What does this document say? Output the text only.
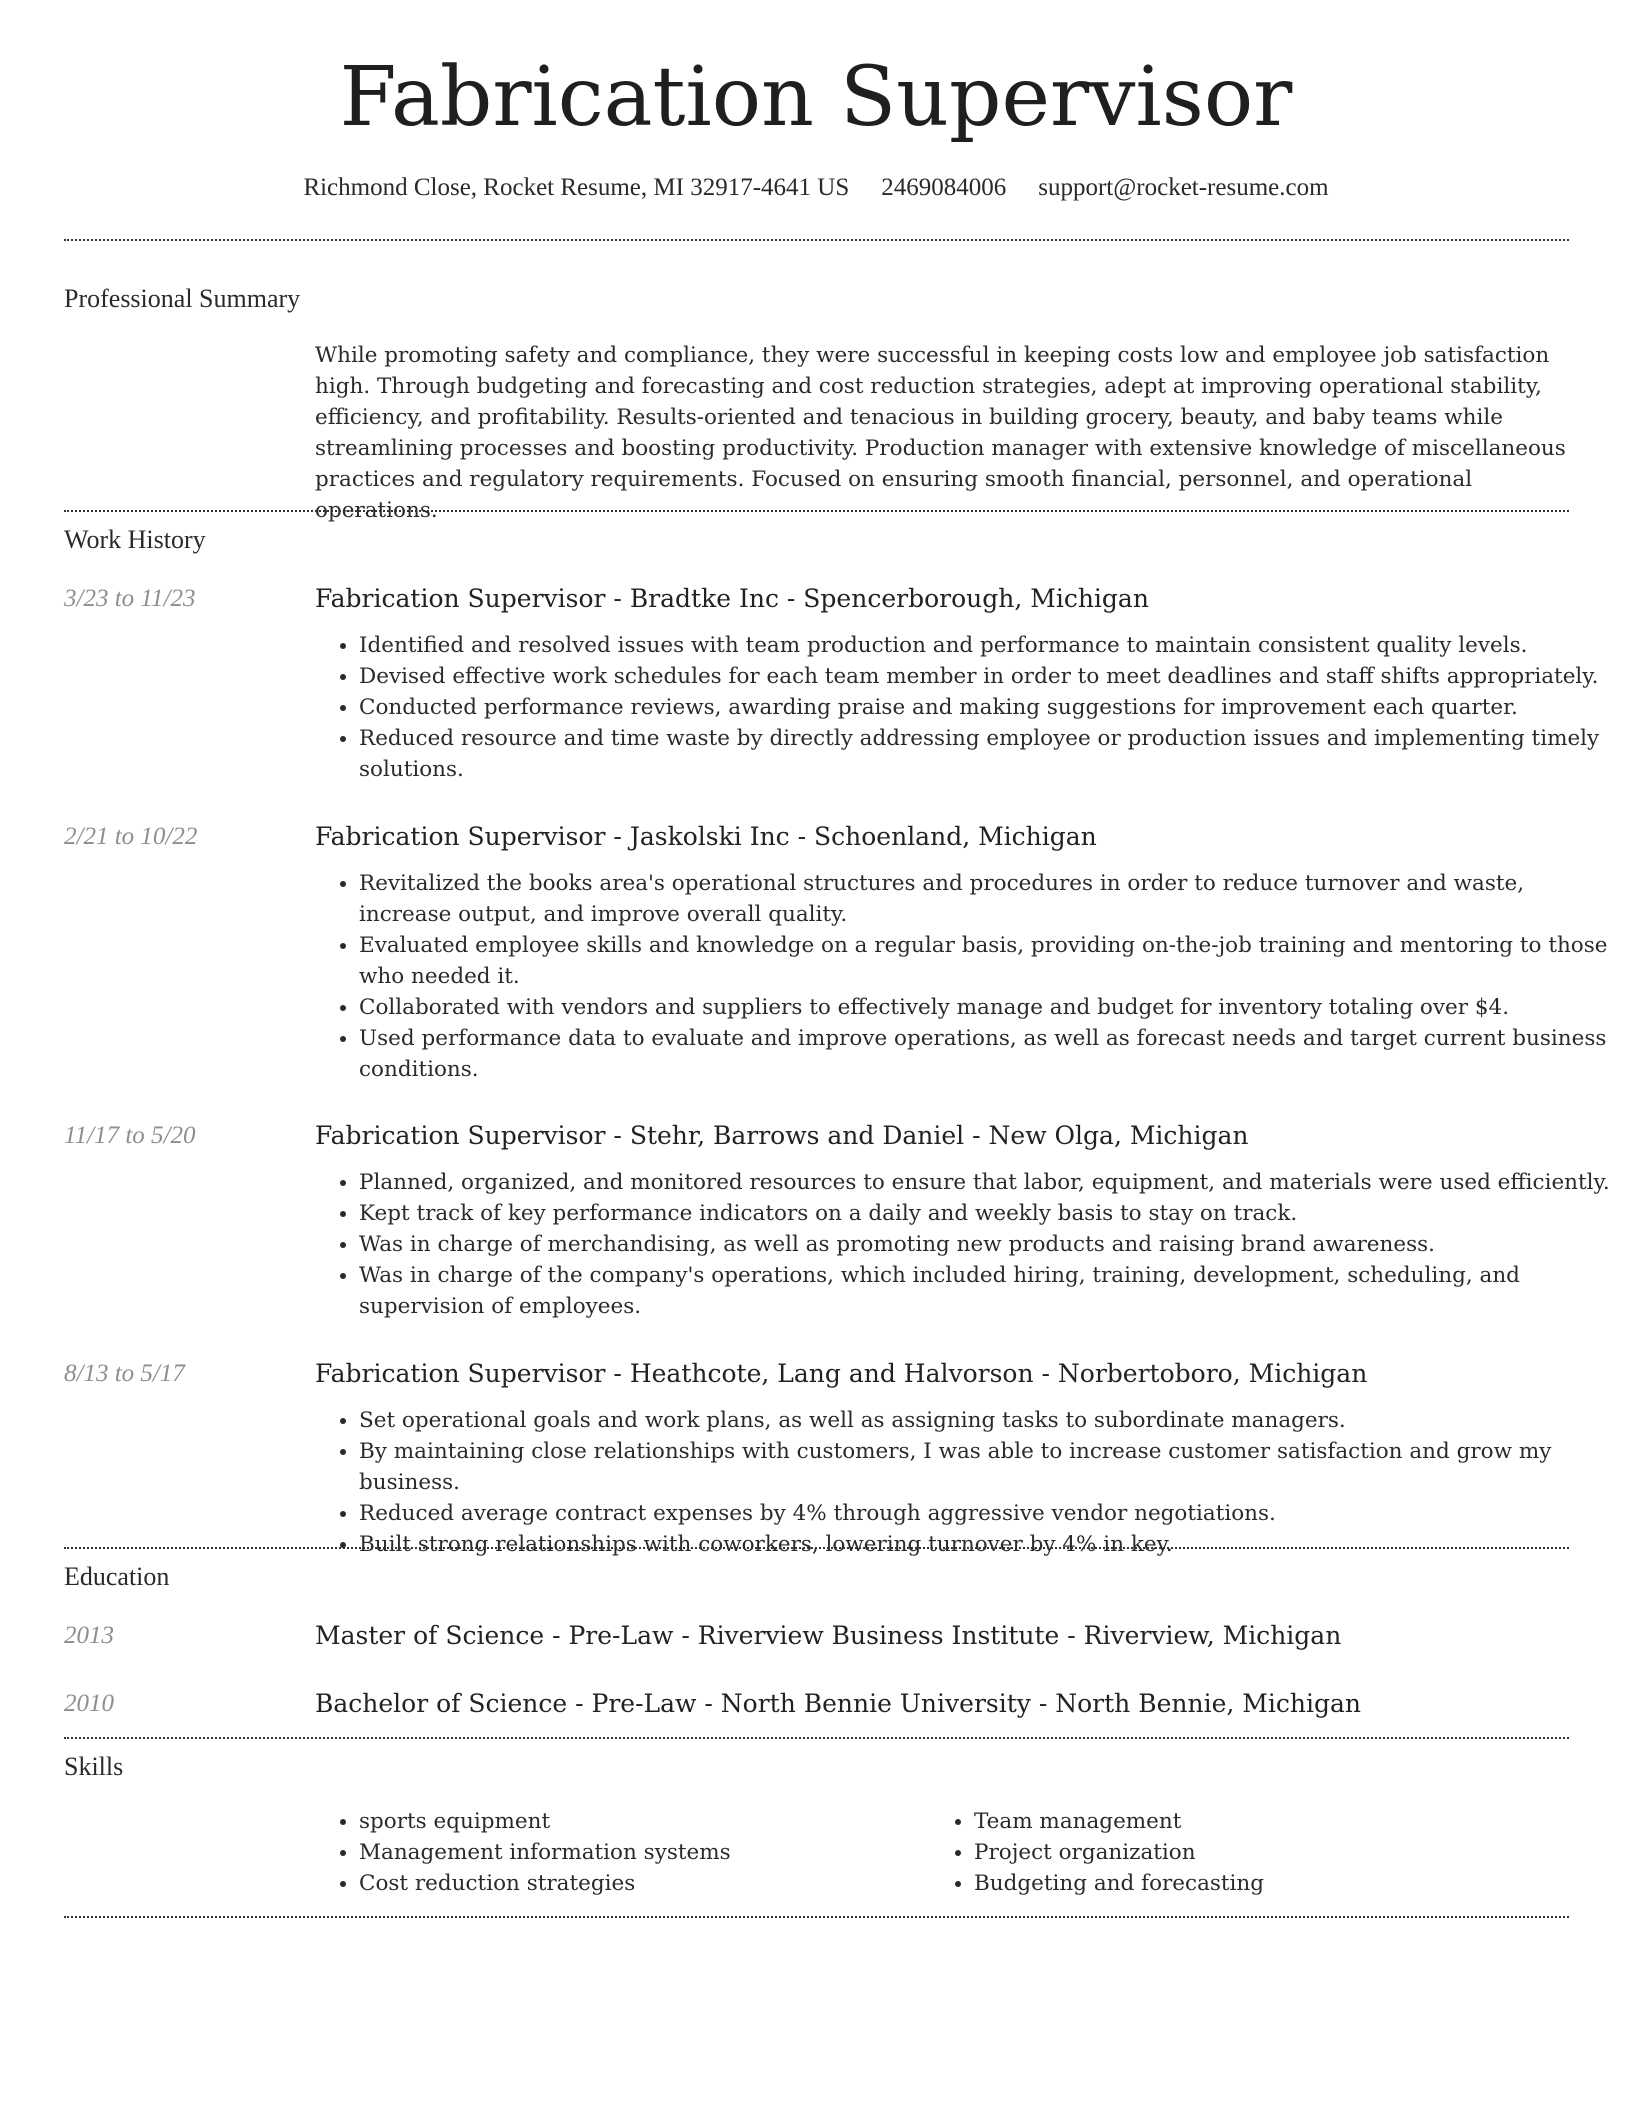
Fabrication Supervisor
Richmond Close, Rocket Resume, MI 32917-4641 US 2469084006 support@rocket-resume.com
Professional Summary
While promoting safety and compliance, they were successful in keeping costs low and employee job satisfaction high. Through budgeting and forecasting and cost reduction strategies, adept at improving operational stability, efficiency, and profitability. Results-oriented and tenacious in building grocery, beauty, and baby teams while streamlining processes and boosting productivity. Production manager with extensive knowledge of miscellaneous practices and regulatory requirements. Focused on ensuring smooth financial, personnel, and operational operations.
Work History
3/23 to 11/23	Fabrication Supervisor - Bradtke Inc - Spencerborough, Michigan
• Identified and resolved issues with team production and performance to maintain consistent quality levels.
• Devised effective work schedules for each team member in order to meet deadlines and staff shifts appropriately.
• Conducted performance reviews, awarding praise and making suggestions for improvement each quarter.
• Reduced resource and time waste by directly addressing employee or production issues and implementing timely solutions.
2/21 to 10/22	Fabrication Supervisor - Jaskolski Inc - Schoenland, Michigan
• Revitalized the books area's operational structures and procedures in order to reduce turnover and waste, increase output, and improve overall quality.
• Evaluated employee skills and knowledge on a regular basis, providing on-the-job training and mentoring to those who needed it.
• Collaborated with vendors and suppliers to effectively manage and budget for inventory totaling over $4.
• Used performance data to evaluate and improve operations, as well as forecast needs and target current business conditions.
11/17 to 5/20	Fabrication Supervisor - Stehr, Barrows and Daniel - New Olga, Michigan
• Planned, organized, and monitored resources to ensure that labor, equipment, and materials were used efficiently.
• Kept track of key performance indicators on a daily and weekly basis to stay on track.
• Was in charge of merchandising, as well as promoting new products and raising brand awareness.
• Was in charge of the company's operations, which included hiring, training, development, scheduling, and supervision of employees.
8/13 to 5/17	Fabrication Supervisor - Heathcote, Lang and Halvorson - Norbertoboro, Michigan
• Set operational goals and work plans, as well as assigning tasks to subordinate managers.
• By maintaining close relationships with customers, I was able to increase customer satisfaction and grow my business.
• Reduced average contract expenses by 4% through aggressive vendor negotiations.
• Built strong relationships with coworkers, lowering turnover by 4% in key.
Education
2013	Master of Science - Pre-Law - Riverview Business Institute - Riverview, Michigan
2010	Bachelor of Science - Pre-Law - North Bennie University - North Bennie, Michigan
Skills
• sports equipment
• Management information systems
• Cost reduction strategies
• Team management
• Project organization
• Budgeting and forecasting
